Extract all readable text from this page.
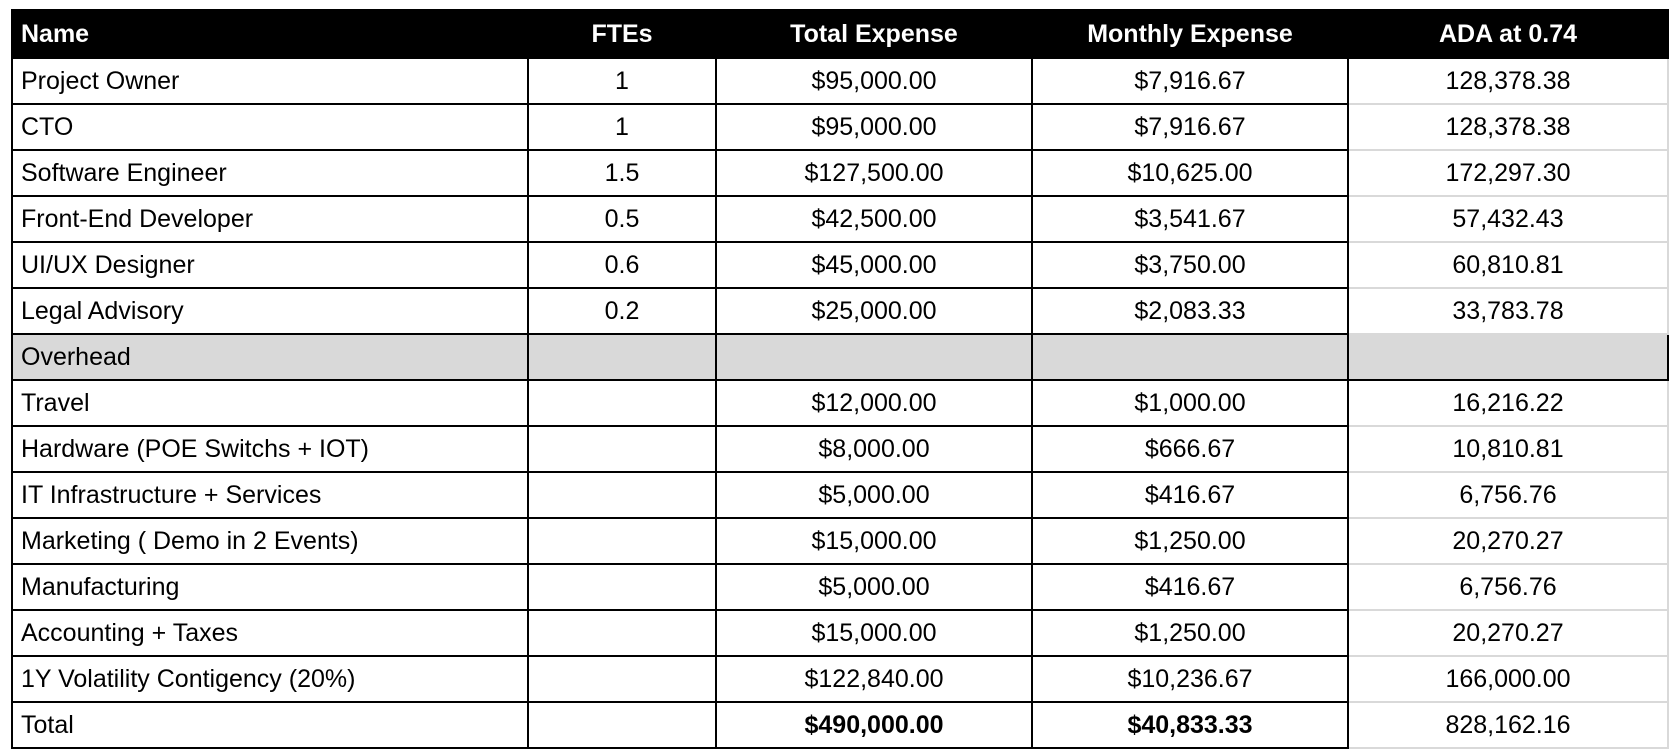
Name	FTEs	Total Expense	Monthly Expense	ADA at 0.74
Project Owner	1	$95,000.00	$7,916.67	128,378.38
CTO	1	$95,000.00	$7,916.67	128,378.38
Software Engineer	1.5	$127,500.00	$10,625.00	172,297.30
Front-End Developer	0.5	$42,500.00	$3,541.67	57,432.43
UI/UX Designer	0.6	$45,000.00	$3,750.00	60,810.81
Legal Advisory	0.2	$25,000.00	$2,083.33	33,783.78
Overhead				
Travel		$12,000.00	$1,000.00	16,216.22
Hardware (POE Switchs + IOT)		$8,000.00	$666.67	10,810.81
IT Infrastructure + Services		$5,000.00	$416.67	6,756.76
Marketing ( Demo in 2 Events)		$15,000.00	$1,250.00	20,270.27
Manufacturing		$5,000.00	$416.67	6,756.76
Accounting + Taxes		$15,000.00	$1,250.00	20,270.27
1Y Volatility Contigency (20%)		$122,840.00	$10,236.67	166,000.00
Total		$490,000.00	$40,833.33	828,162.16
